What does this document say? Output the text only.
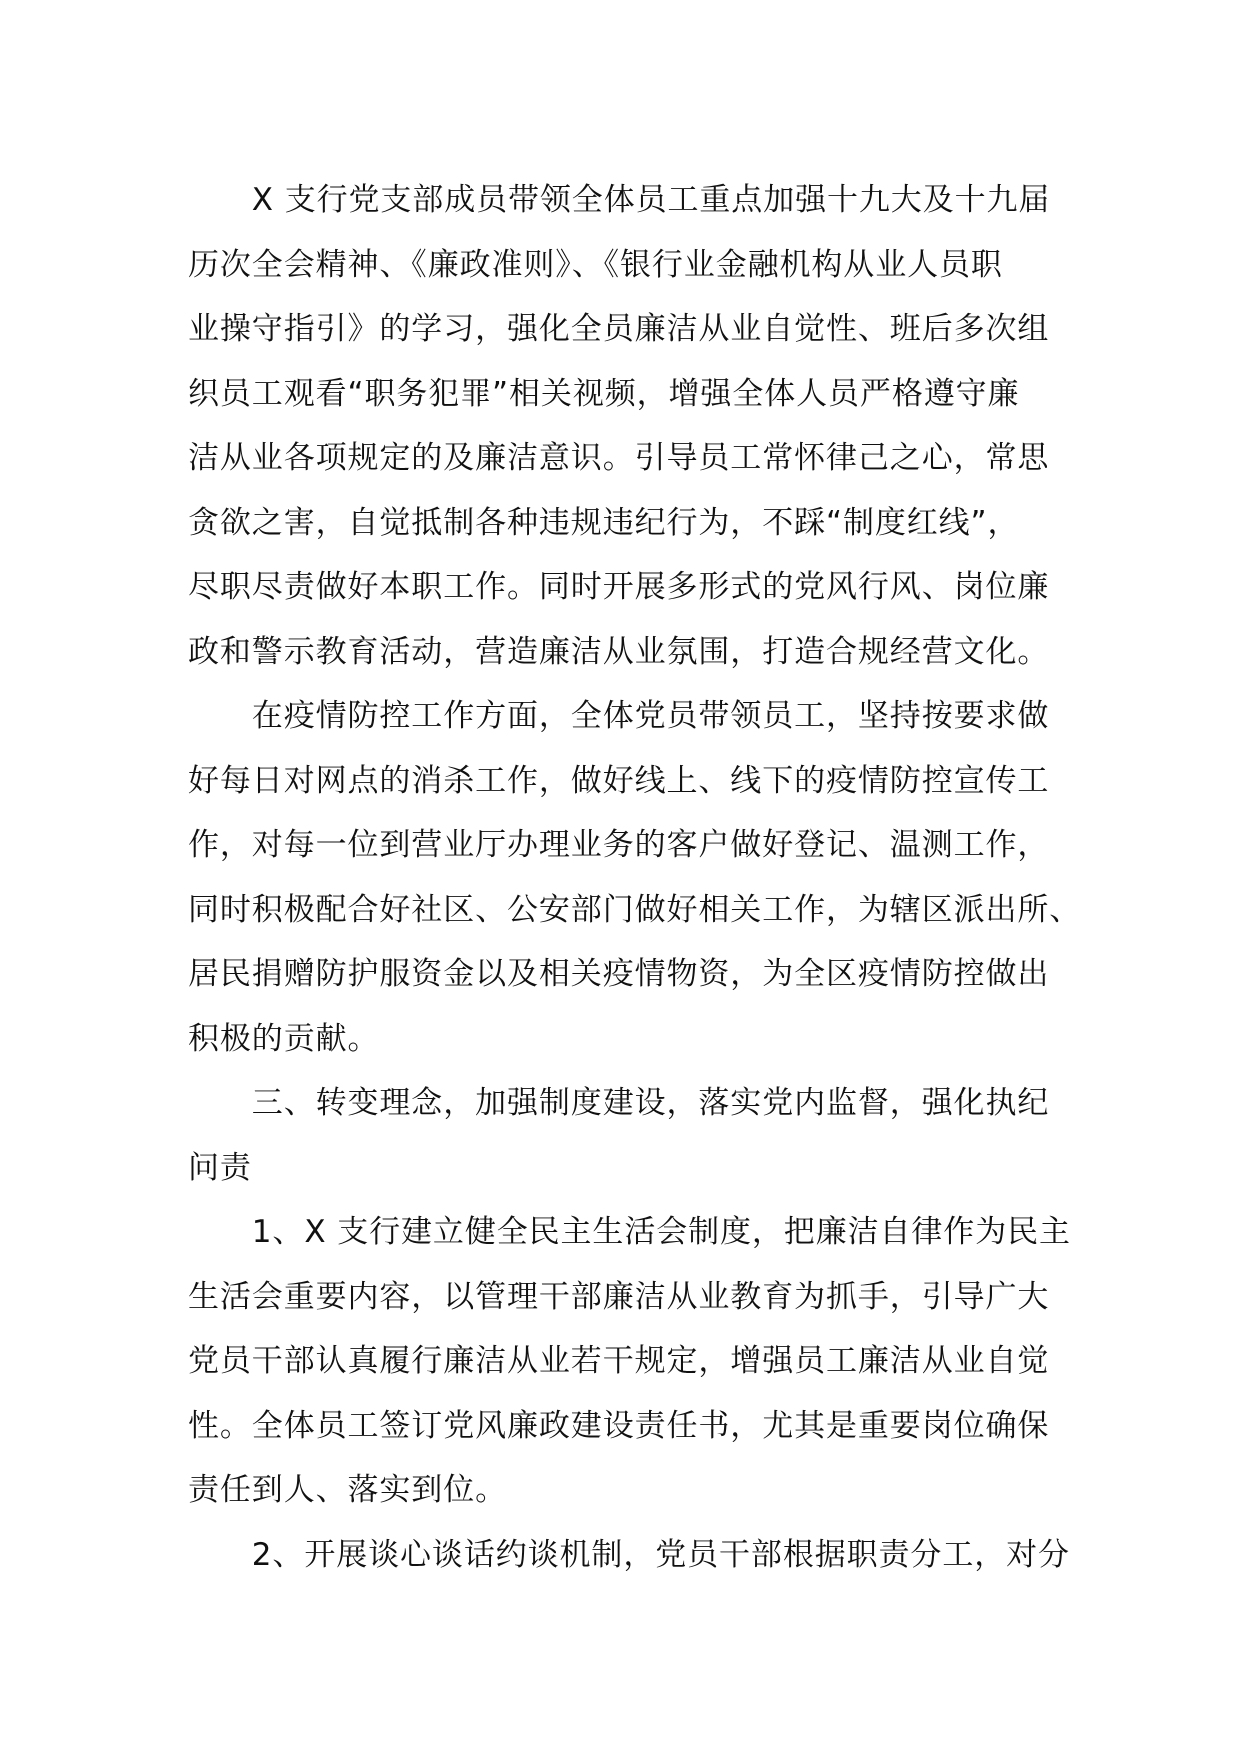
　　X 支行党支部成员带领全体员工重点加强十九大及十九届
历次全会精神、《廉政准则》、《银行业金融机构从业人员职
业操守指引》的学习，强化全员廉洁从业自觉性、班后多次组
织员工观看“职务犯罪”相关视频，增强全体人员严格遵守廉
洁从业各项规定的及廉洁意识。引导员工常怀律己之心，常思
贪欲之害，自觉抵制各种违规违纪行为，不踩“制度红线”，
尽职尽责做好本职工作。同时开展多形式的党风行风、岗位廉
政和警示教育活动，营造廉洁从业氛围，打造合规经营文化。
　　在疫情防控工作方面，全体党员带领员工，坚持按要求做
好每日对网点的消杀工作，做好线上、线下的疫情防控宣传工
作，对每一位到营业厅办理业务的客户做好登记、温测工作，
同时积极配合好社区、公安部门做好相关工作，为辖区派出所、
居民捐赠防护服资金以及相关疫情物资，为全区疫情防控做出
积极的贡献。
　　三、转变理念，加强制度建设，落实党内监督，强化执纪
问责
　　1、X 支行建立健全民主生活会制度，把廉洁自律作为民主
生活会重要内容，以管理干部廉洁从业教育为抓手，引导广大
党员干部认真履行廉洁从业若干规定，增强员工廉洁从业自觉
性。全体员工签订党风廉政建设责任书，尤其是重要岗位确保
责任到人、落实到位。
　　2、开展谈心谈话约谈机制，党员干部根据职责分工，对分
